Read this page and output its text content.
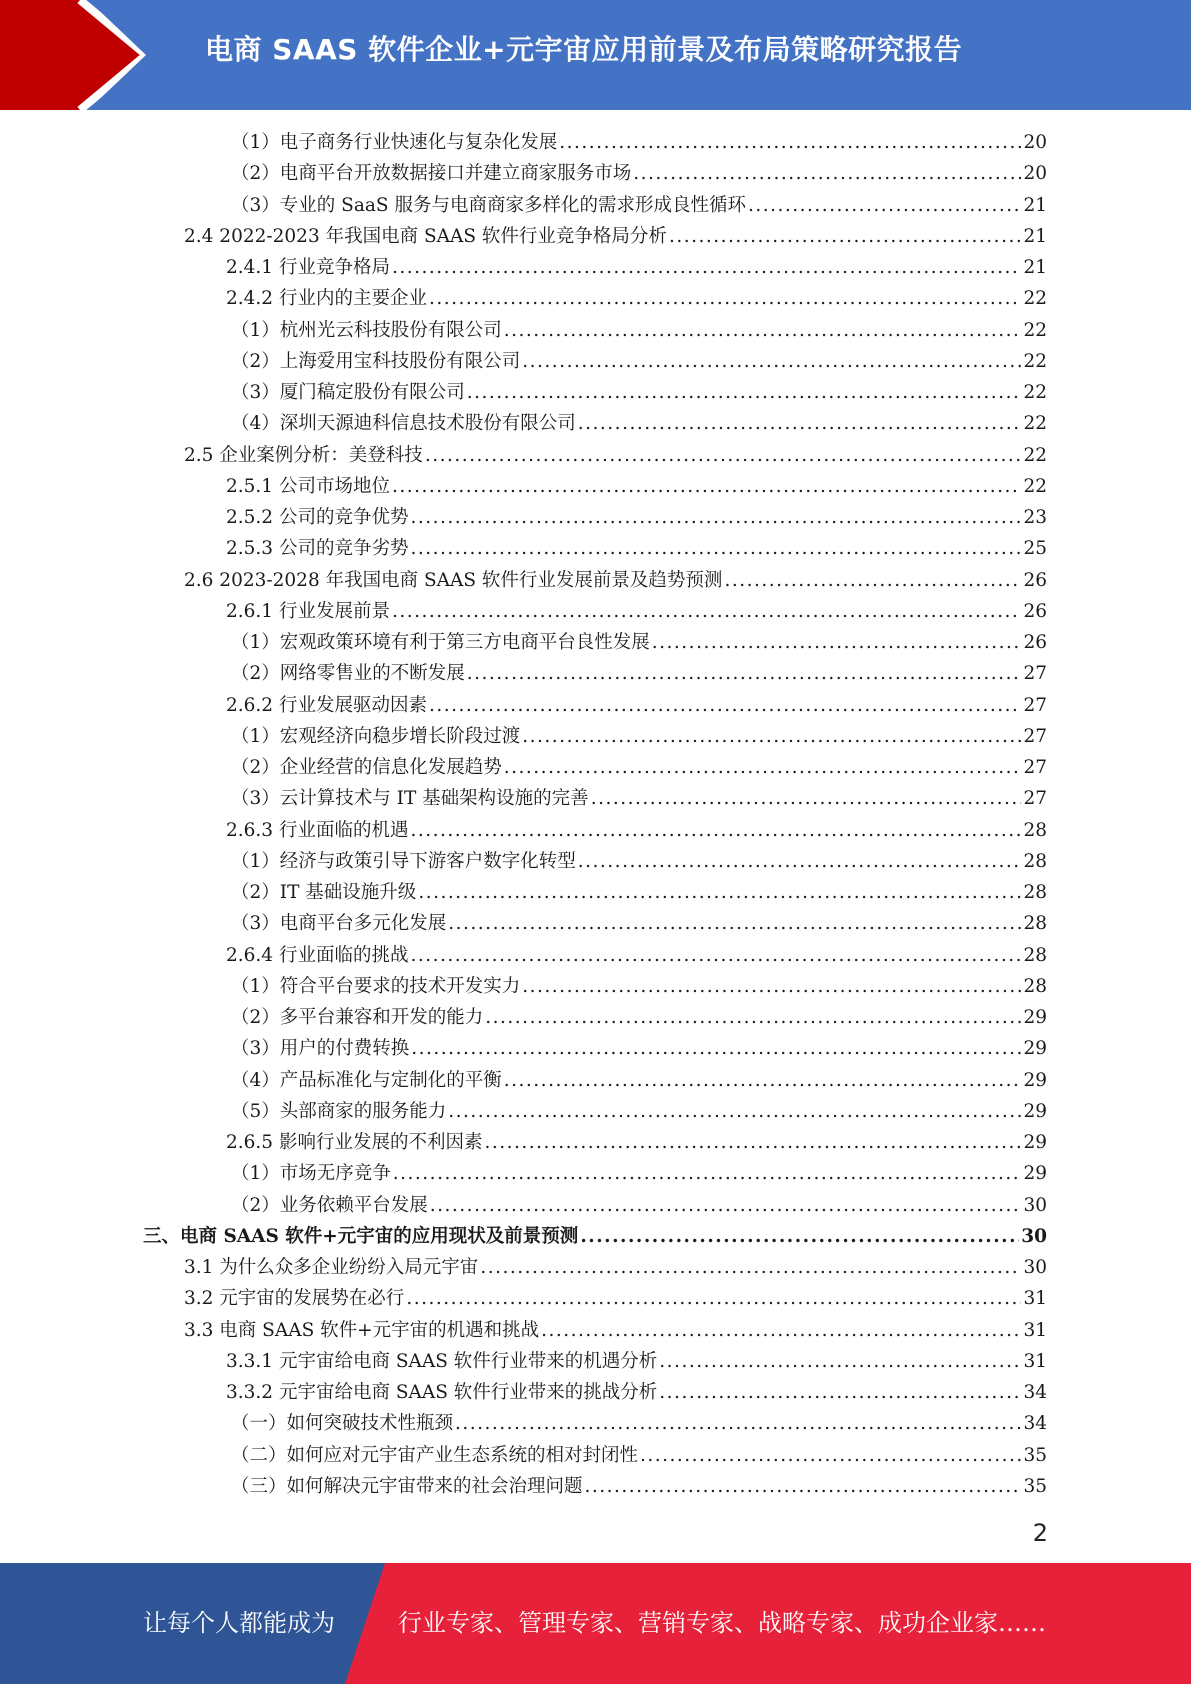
电商 SAAS 软件企业+元宇宙应用前景及布局策略研究报告
（1）电子商务行业快速化与复杂化发展 .....	20
（2）电商平台开放数据接口并建立商家服务市场 .....	20
（3）专业的 SaaS 服务与电商商家多样化的需求形成良性循环 .....	21
2.4 2022-2023 年我国电商 SAAS 软件行业竞争格局分析 .....	21
2.4.1 行业竞争格局 .....	21
2.4.2 行业内的主要企业 .....	22
（1）杭州光云科技股份有限公司 .....	22
（2）上海爱用宝科技股份有限公司 .....	22
（3）厦门稿定股份有限公司 .....	22
（4）深圳天源迪科信息技术股份有限公司 .....	22
2.5 企业案例分析：美登科技 .....	22
2.5.1 公司市场地位 .....	22
2.5.2 公司的竞争优势 .....	23
2.5.3 公司的竞争劣势 .....	25
2.6 2023-2028 年我国电商 SAAS 软件行业发展前景及趋势预测 .....	26
2.6.1 行业发展前景 .....	26
（1）宏观政策环境有利于第三方电商平台良性发展 .....	26
（2）网络零售业的不断发展 .....	27
2.6.2 行业发展驱动因素 .....	27
（1）宏观经济向稳步增长阶段过渡 .....	27
（2）企业经营的信息化发展趋势 .....	27
（3）云计算技术与 IT 基础架构设施的完善 .....	27
2.6.3 行业面临的机遇 .....	28
（1）经济与政策引导下游客户数字化转型 .....	28
（2）IT 基础设施升级 .....	28
（3）电商平台多元化发展 .....	28
2.6.4 行业面临的挑战 .....	28
（1）符合平台要求的技术开发实力 .....	28
（2）多平台兼容和开发的能力 .....	29
（3）用户的付费转换 .....	29
（4）产品标准化与定制化的平衡 .....	29
（5）头部商家的服务能力 .....	29
2.6.5 影响行业发展的不利因素 .....	29
（1）市场无序竞争 .....	29
（2）业务依赖平台发展 .....	30
三、电商 SAAS 软件+元宇宙的应用现状及前景预测 .....	30
3.1 为什么众多企业纷纷入局元宇宙 .....	30
3.2 元宇宙的发展势在必行 .....	31
3.3 电商 SAAS 软件+元宇宙的机遇和挑战 .....	31
3.3.1 元宇宙给电商 SAAS 软件行业带来的机遇分析 .....	31
3.3.2 元宇宙给电商 SAAS 软件行业带来的挑战分析 .....	34
（一）如何突破技术性瓶颈 .....	34
（二）如何应对元宇宙产业生态系统的相对封闭性 .....	35
（三）如何解决元宇宙带来的社会治理问题 .....	35
2
让每个人都能成为	行业专家、管理专家、营销专家、战略专家、成功企业家……
